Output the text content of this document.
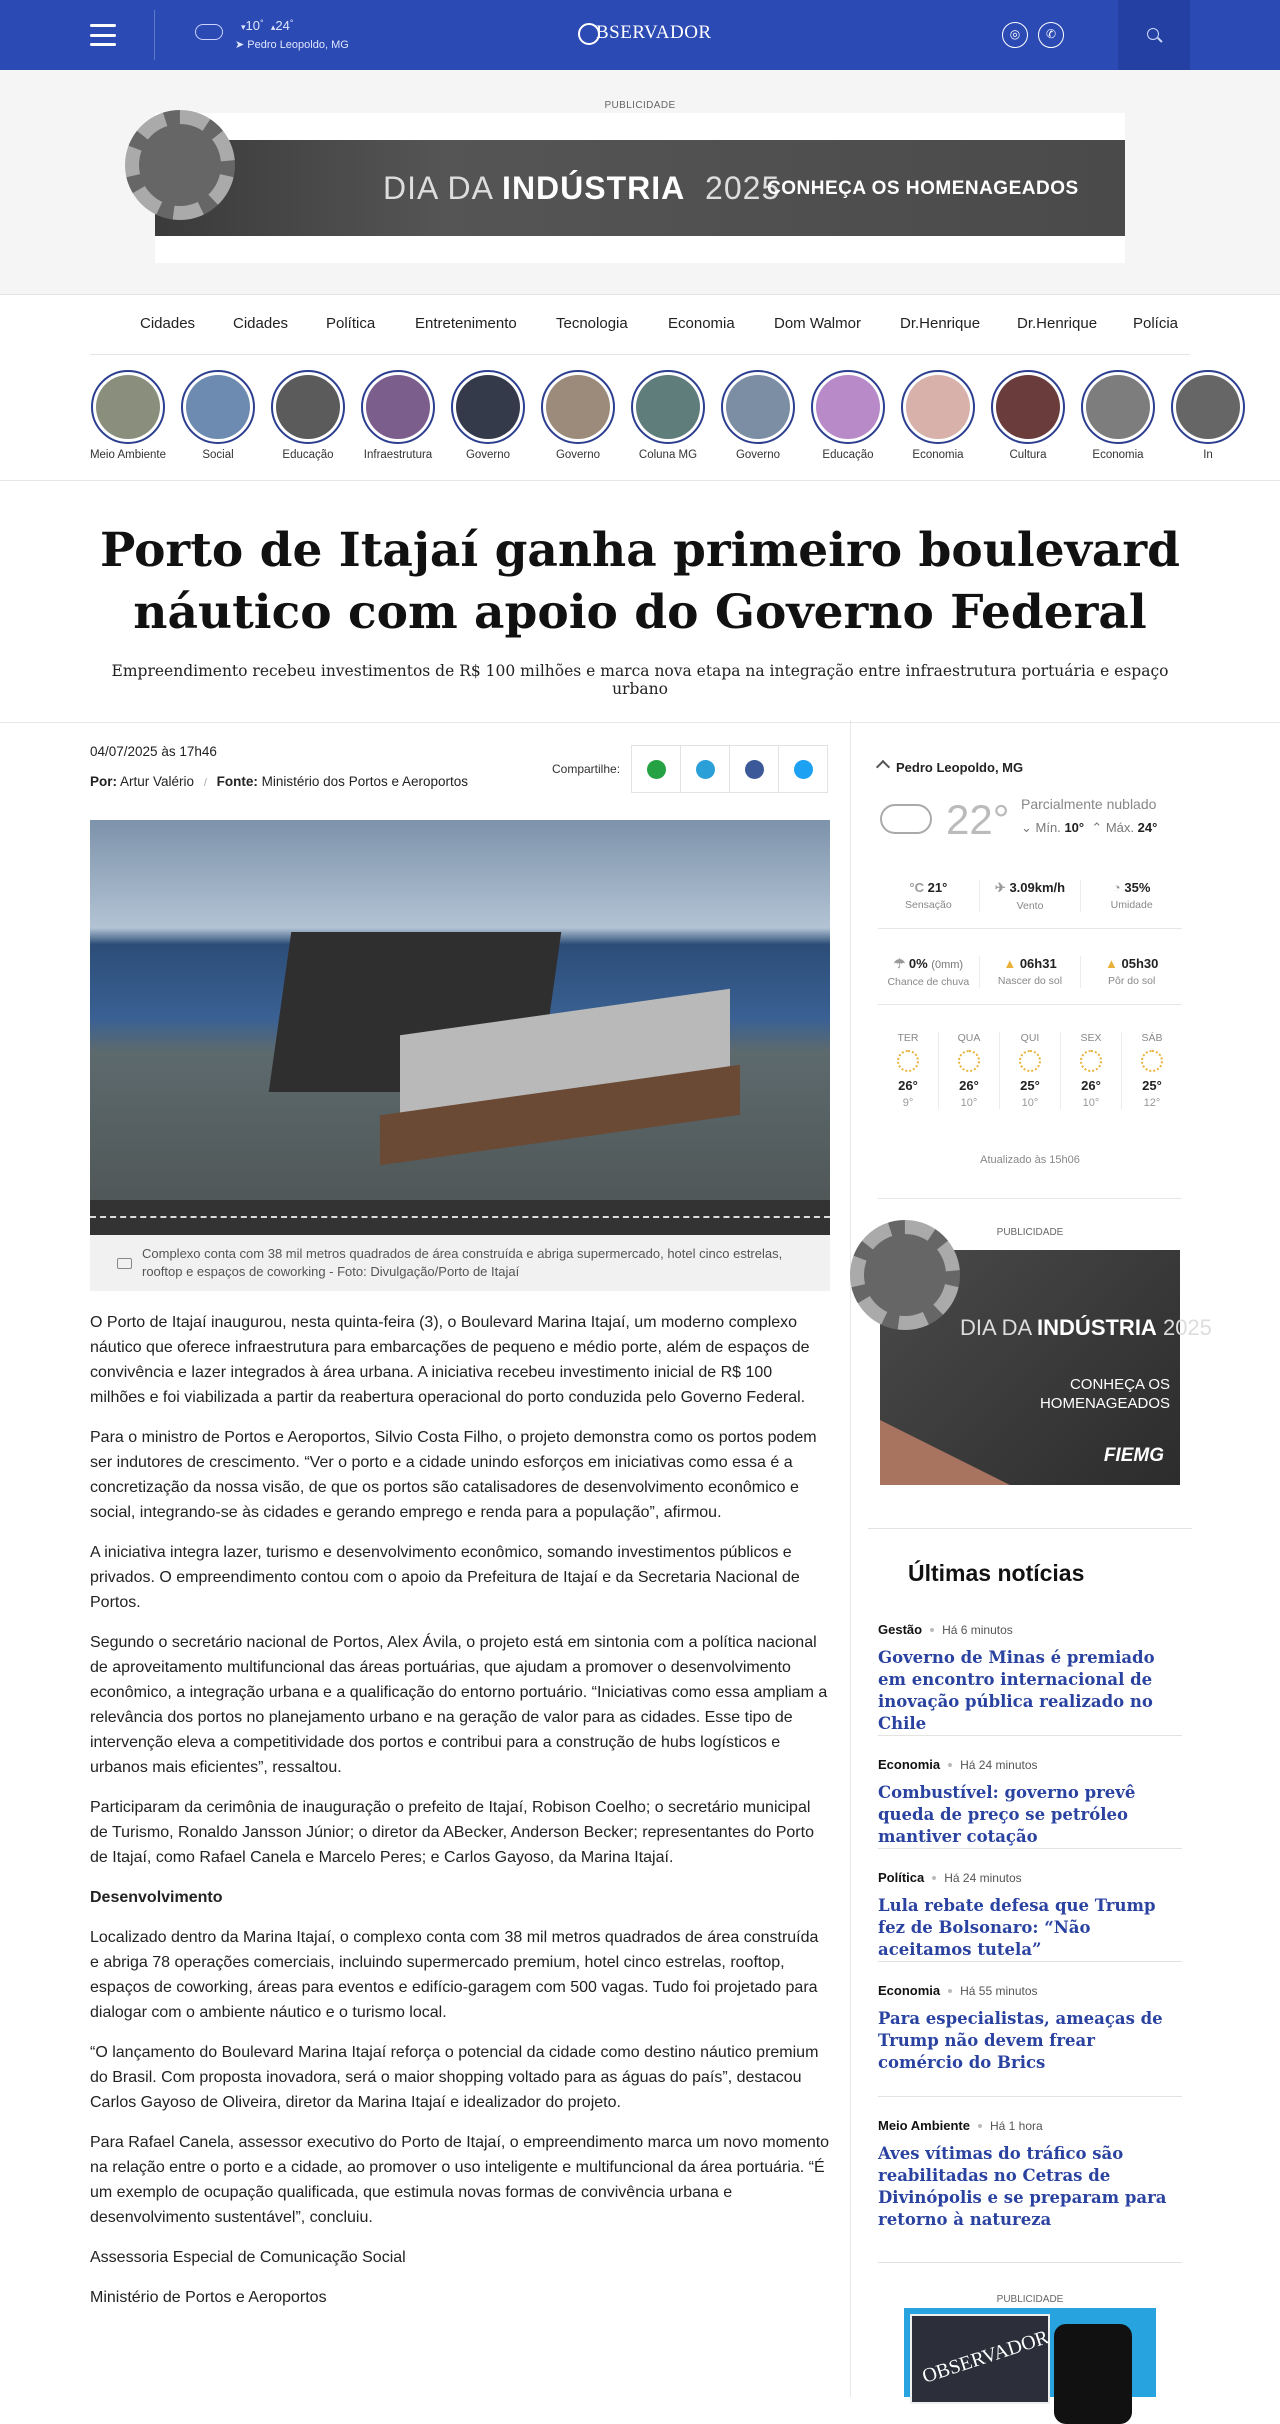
▾10° ▴24°
➤ Pedro Leopoldo, MG
BSERVADOR	◎	✆
PUBLICIDADE
DIA DA INDÚSTRIA 2025
CONHEÇA OS HOMENAGEADOS
Cidades	Cidades	Política	Entretenimento	Tecnologia	Economia	Dom Walmor	Dr.Henrique Dr.Henrique Polícia
Meio Ambiente	Social	Educação	Infraestrutura	Governo	Governo	Coluna MG	Governo	Educação	Economia	Cultura	Economia	In
Porto de Itajaí ganha primeiro boulevard náutico com apoio do Governo Federal

Empreendimento recebeu investimentos de R$ 100 milhões e marca nova etapa na integração entre infraestrutura portuária e espaço urbano

04/07/2025 às 17h46
Por: Artur Valério / Fonte: Ministério dos Portos e Aeroportos
Compartilhe:

Complexo conta com 38 mil metros quadrados de área construída e abriga supermercado, hotel cinco estrelas, rooftop e espaços de coworking - Foto: Divulgação/Porto de Itajaí

O Porto de Itajaí inaugurou, nesta quinta-feira (3), o Boulevard Marina Itajaí, um moderno complexo náutico que oferece infraestrutura para embarcações de pequeno e médio porte, além de espaços de convivência e lazer integrados à área urbana. A iniciativa recebeu investimento inicial de R$ 100 milhões e foi viabilizada a partir da reabertura operacional do porto conduzida pelo Governo Federal.

Para o ministro de Portos e Aeroportos, Silvio Costa Filho, o projeto demonstra como os portos podem ser indutores de crescimento. “Ver o porto e a cidade unindo esforços em iniciativas como essa é a concretização da nossa visão, de que os portos são catalisadores de desenvolvimento econômico e social, integrando-se às cidades e gerando emprego e renda para a população”, afirmou.

A iniciativa integra lazer, turismo e desenvolvimento econômico, somando investimentos públicos e privados. O empreendimento contou com o apoio da Prefeitura de Itajaí e da Secretaria Nacional de Portos.

Segundo o secretário nacional de Portos, Alex Ávila, o projeto está em sintonia com a política nacional de aproveitamento multifuncional das áreas portuárias, que ajudam a promover o desenvolvimento econômico, a integração urbana e a qualificação do entorno portuário. “Iniciativas como essa ampliam a relevância dos portos no planejamento urbano e na geração de valor para as cidades. Esse tipo de intervenção eleva a competitividade dos portos e contribui para a construção de hubs logísticos e urbanos mais eficientes”, ressaltou.

Participaram da cerimônia de inauguração o prefeito de Itajaí, Robison Coelho; o secretário municipal de Turismo, Ronaldo Jansson Júnior; o diretor da ABecker, Anderson Becker; representantes do Porto de Itajaí, como Rafael Canela e Marcelo Peres; e Carlos Gayoso, da Marina Itajaí.

Desenvolvimento

Localizado dentro da Marina Itajaí, o complexo conta com 38 mil metros quadrados de área construída e abriga 78 operações comerciais, incluindo supermercado premium, hotel cinco estrelas, rooftop, espaços de coworking, áreas para eventos e edifício-garagem com 500 vagas. Tudo foi projetado para dialogar com o ambiente náutico e o turismo local.

“O lançamento do Boulevard Marina Itajaí reforça o potencial da cidade como destino náutico premium do Brasil. Com proposta inovadora, será o maior shopping voltado para as águas do país”, destacou Carlos Gayoso de Oliveira, diretor da Marina Itajaí e idealizador do projeto.

Para Rafael Canela, assessor executivo do Porto de Itajaí, o empreendimento marca um novo momento na relação entre o porto e a cidade, ao promover o uso inteligente e multifuncional da área portuária. “É um exemplo de ocupação qualificada, que estimula novas formas de convivência urbana e desenvolvimento sustentável”, concluiu.

Assessoria Especial de Comunicação Social

Ministério de Portos e Aeroportos

Pedro Leopoldo, MG
22° Parcialmente nublado
⌄ Mín. 10°  ⌃ Máx. 24°
°C 21°
Sensação
✈ 3.09km/h
Vento
◔ 35%
Umidade
☂ 0% (0mm)
Chance de chuva
▲ 06h31
Nascer do sol
▲ 05h30
Pôr do sol
TER
26°
9°
QUA
26°
10°
QUI
25°
10°
SEX
26°
10°
SÁB
25°
12°
Atualizado às 15h06
PUBLICIDADE
DIA DA INDÚSTRIA 2025
CONHEÇA OS HOMENAGEADOS
FIEMG
Últimas notícias
Gestão Há 6 minutos
Governo de Minas é premiado em encontro internacional de inovação pública realizado no Chile
Economia Há 24 minutos
Combustível: governo prevê queda de preço se petróleo mantiver cotação
Política Há 24 minutos
Lula rebate defesa que Trump fez de Bolsonaro: “Não aceitamos tutela”
Economia Há 55 minutos
Para especialistas, ameaças de Trump não devem frear comércio do Brics
Meio Ambiente Há 1 hora
Aves vítimas do tráfico são reabilitadas no Cetras de Divinópolis e se preparam para retorno à natureza
PUBLICIDADE
OBSERVADOR
